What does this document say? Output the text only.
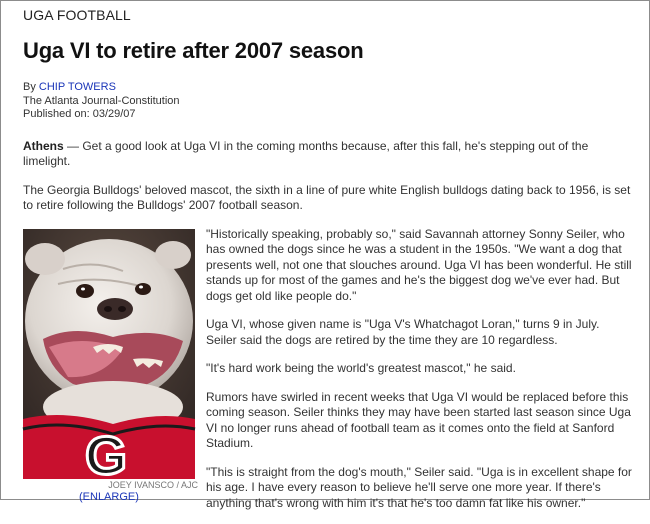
UGA FOOTBALL
Uga VI to retire after 2007 season
By CHIP TOWERS
The Atlanta Journal-Constitution
Published on: 03/29/07
Athens — Get a good look at Uga VI in the coming months because, after this fall, he's stepping out of the limelight.
The Georgia Bulldogs' beloved mascot, the sixth in a line of pure white English bulldogs dating back to 1956, is set to retire following the Bulldogs' 2007 football season.
G
JOEY IVANSCO / AJC
(ENLARGE)
"Historically speaking, probably so," said Savannah attorney Sonny Seiler, who has owned the dogs since he was a student in the 1950s. "We want a dog that presents well, not one that slouches around. Uga VI has been wonderful. He still stands up for most of the games and he's the biggest dog we've ever had. But dogs get old like people do."
Uga VI, whose given name is "Uga V's Whatchagot Loran," turns 9 in July. Seiler said the dogs are retired by the time they are 10 regardless.
"It's hard work being the world's greatest mascot," he said.
Rumors have swirled in recent weeks that Uga VI would be replaced before this coming season. Seiler thinks they may have been started last season since Uga VI no longer runs ahead of football team as it comes onto the field at Sanford Stadium.
"This is straight from the dog's mouth," Seiler said. "Uga is in excellent shape for his age. I have every reason to believe he'll serve one more year. If there's anything that's wrong with him it's that he's too damn fat like his owner."
